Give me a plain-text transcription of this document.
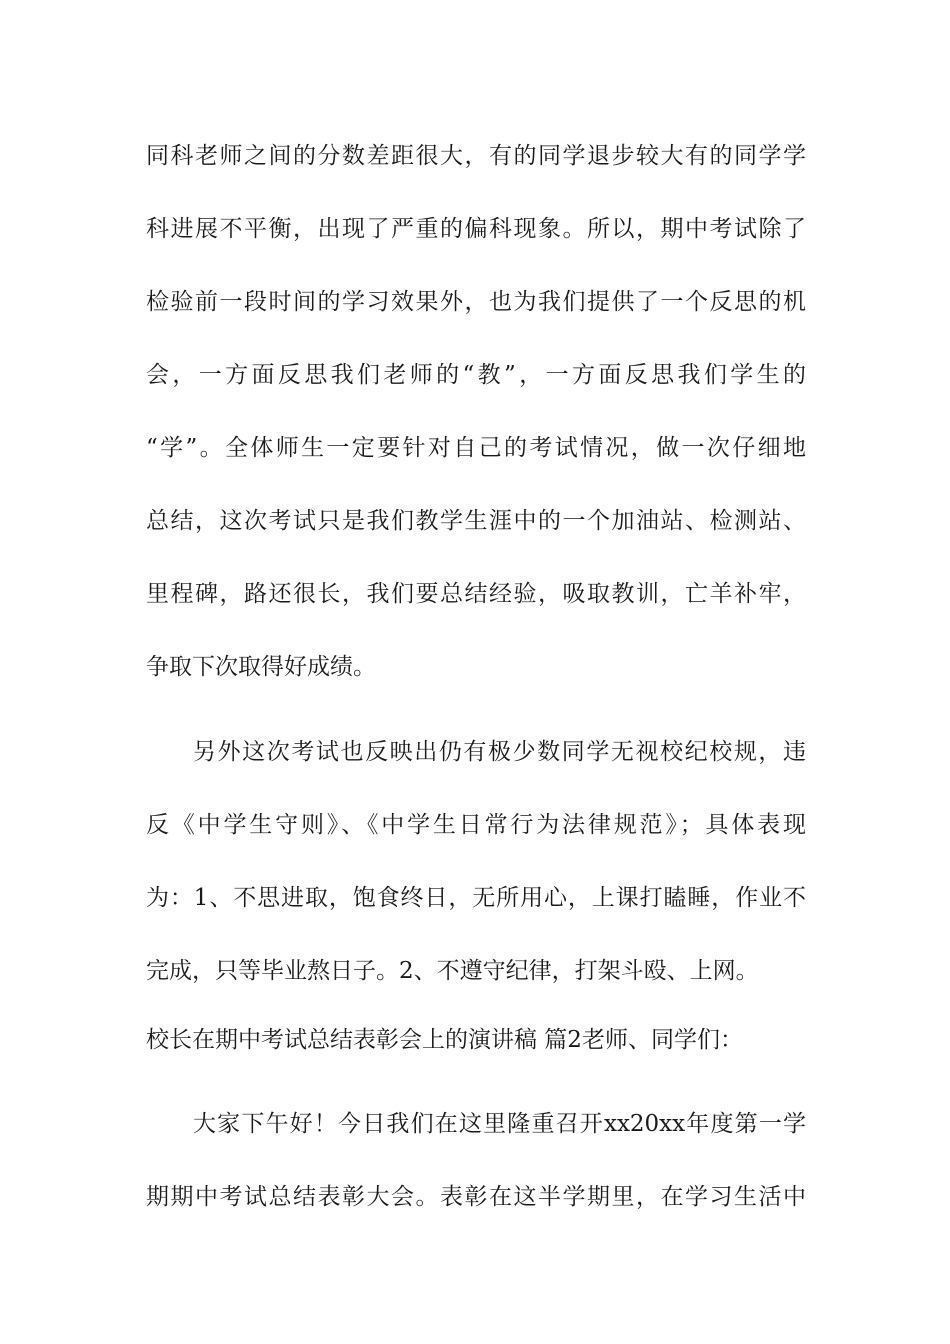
同科老师之间的分数差距很大，有的同学退步较大有的同学学
科进展不平衡，出现了严重的偏科现象。所以，期中考试除了
检验前一段时间的学习效果外，也为我们提供了一个反思的机
会，一方面反思我们老师的“教”，一方面反思我们学生的
“学”。全体师生一定要针对自己的考试情况，做一次仔细地
总结，这次考试只是我们教学生涯中的一个加油站、检测站、
里程碑，路还很长，我们要总结经验，吸取教训，亡羊补牢，
争取下次取得好成绩。
另外这次考试也反映出仍有极少数同学无视校纪校规，违
反《中学生守则》、《中学生日常行为法律规范》；具体表现
为：1、不思进取，饱食终日，无所用心，上课打瞌睡，作业不
完成，只等毕业熬日子。2、不遵守纪律，打架斗殴、上网。
校长在期中考试总结表彰会上的演讲稿 篇2老师、同学们：
大家下午好！今日我们在这里隆重召开xx20xx年度第一学
期期中考试总结表彰大会。表彰在这半学期里，在学习生活中
